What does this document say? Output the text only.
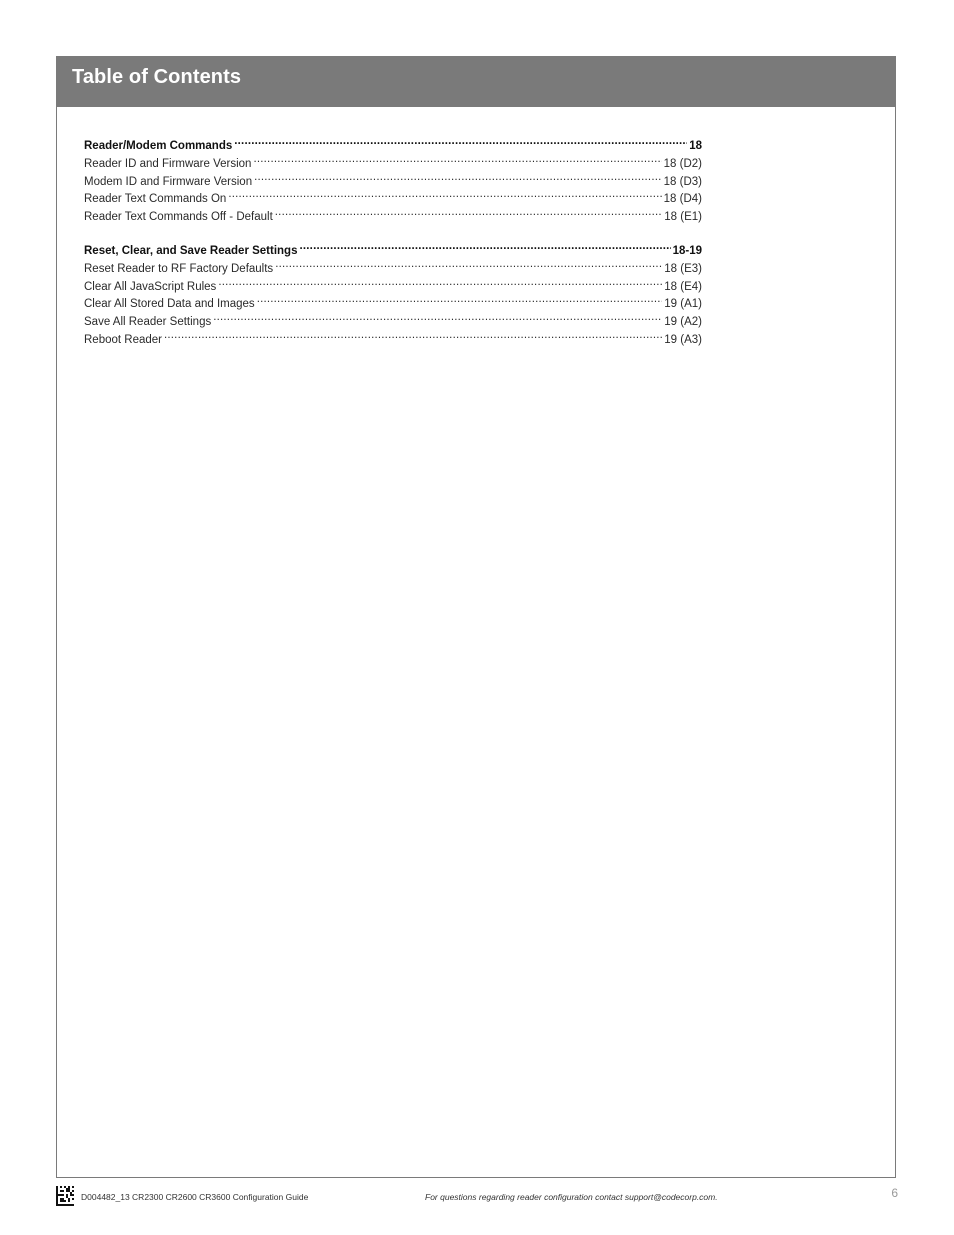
Table of Contents
Reader/Modem Commands .....	18
Reader ID and Firmware Version .....	18 (D2)
Modem ID and Firmware Version .....	18 (D3)
Reader Text Commands On .....	18 (D4)
Reader Text Commands Off - Default .....	18 (E1)
Reset, Clear, and Save Reader Settings .....	18-19
Reset Reader to RF Factory Defaults .....	18 (E3)
Clear All JavaScript Rules .....	18 (E4)
Clear All Stored Data and Images .....	19 (A1)
Save All Reader Settings .....	19 (A2)
Reboot Reader .....	19 (A3)
D004482_13 CR2300 CR2600 CR3600 Configuration Guide	For questions regarding reader configuration contact support@codecorp.com.	6
